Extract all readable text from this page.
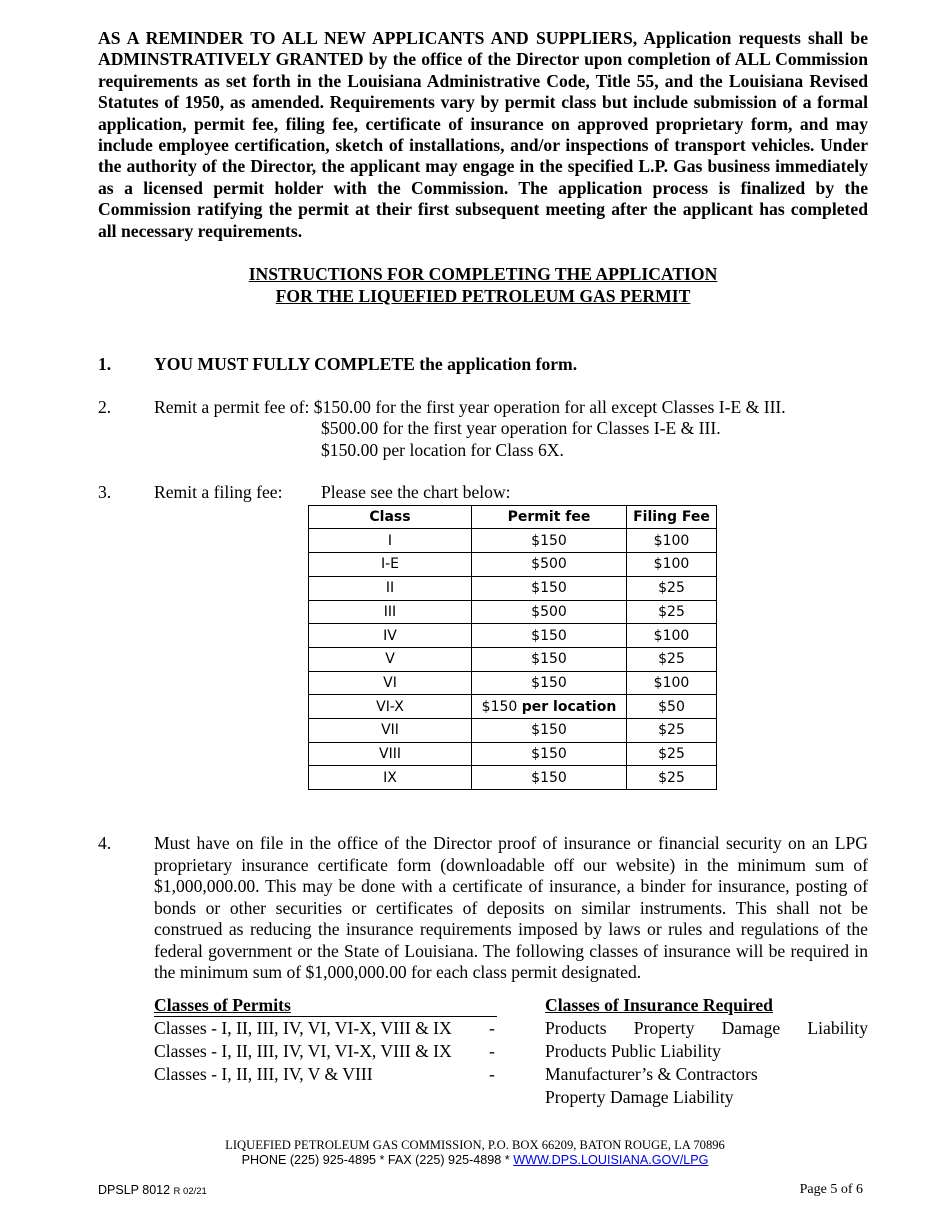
AS A REMINDER TO ALL NEW APPLICANTS AND SUPPLIERS, Application requests shall be ADMINSTRATIVELY GRANTED by the office of the Director upon completion of ALL Commission requirements as set forth in the Louisiana Administrative Code, Title 55, and the Louisiana Revised Statutes of 1950, as amended. Requirements vary by permit class but include submission of a formal application, permit fee, filing fee, certificate of insurance on approved proprietary form, and may include employee certification, sketch of installations, and/or inspections of transport vehicles. Under the authority of the Director, the applicant may engage in the specified L.P. Gas business immediately as a licensed permit holder with the Commission. The application process is finalized by the Commission ratifying the permit at their first subsequent meeting after the applicant has completed all necessary requirements.

INSTRUCTIONS FOR COMPLETING THE APPLICATION
FOR THE LIQUEFIED PETROLEUM GAS PERMIT
1. YOU MUST FULLY COMPLETE the application form.
2. Remit a permit fee of: $150.00 for the first year operation for all except Classes I-E & III.
$500.00 for the first year operation for Classes I-E & III.
$150.00 per location for Class 6X.
3. Remit a filing fee: Please see the chart below:
Class	Permit fee	Filing Fee
I	$150	$100
I-E	$500	$100
II	$150	$25
III	$500	$25
IV	$150	$100
V	$150	$25
VI	$150	$100
VI-X	$150 per location	$50
VII	$150	$25
VIII	$150	$25
IX	$150	$25
4. Must have on file in the office of the Director proof of insurance or financial security on an LPG proprietary insurance certificate form (downloadable off our website) in the minimum sum of $1,000,000.00. This may be done with a certificate of insurance, a binder for insurance, posting of bonds or other securities or certificates of deposits on similar instruments. This shall not be construed as reducing the insurance requirements imposed by laws or rules and regulations of the federal government or the State of Louisiana. The following classes of insurance will be required in the minimum sum of $1,000,000.00 for each class permit designated.
Classes of Permits	Classes of Insurance Required
Classes - I, II, III, IV, VI, VI-X, VIII & IX -	Products Property Damage Liability
Classes - I, II, III, IV, VI, VI-X, VIII & IX -	Products Public Liability
Classes - I, II, III, IV, V & VIII	-	Manufacturer’s & Contractors
Property Damage Liability
LIQUEFIED PETROLEUM GAS COMMISSION, P.O. BOX 66209, BATON ROUGE, LA 70896
PHONE (225) 925-4895 * FAX (225) 925-4898 * WWW.DPS.LOUISIANA.GOV/LPG
DPSLP 8012 R 02/21	Page 5 of 6
